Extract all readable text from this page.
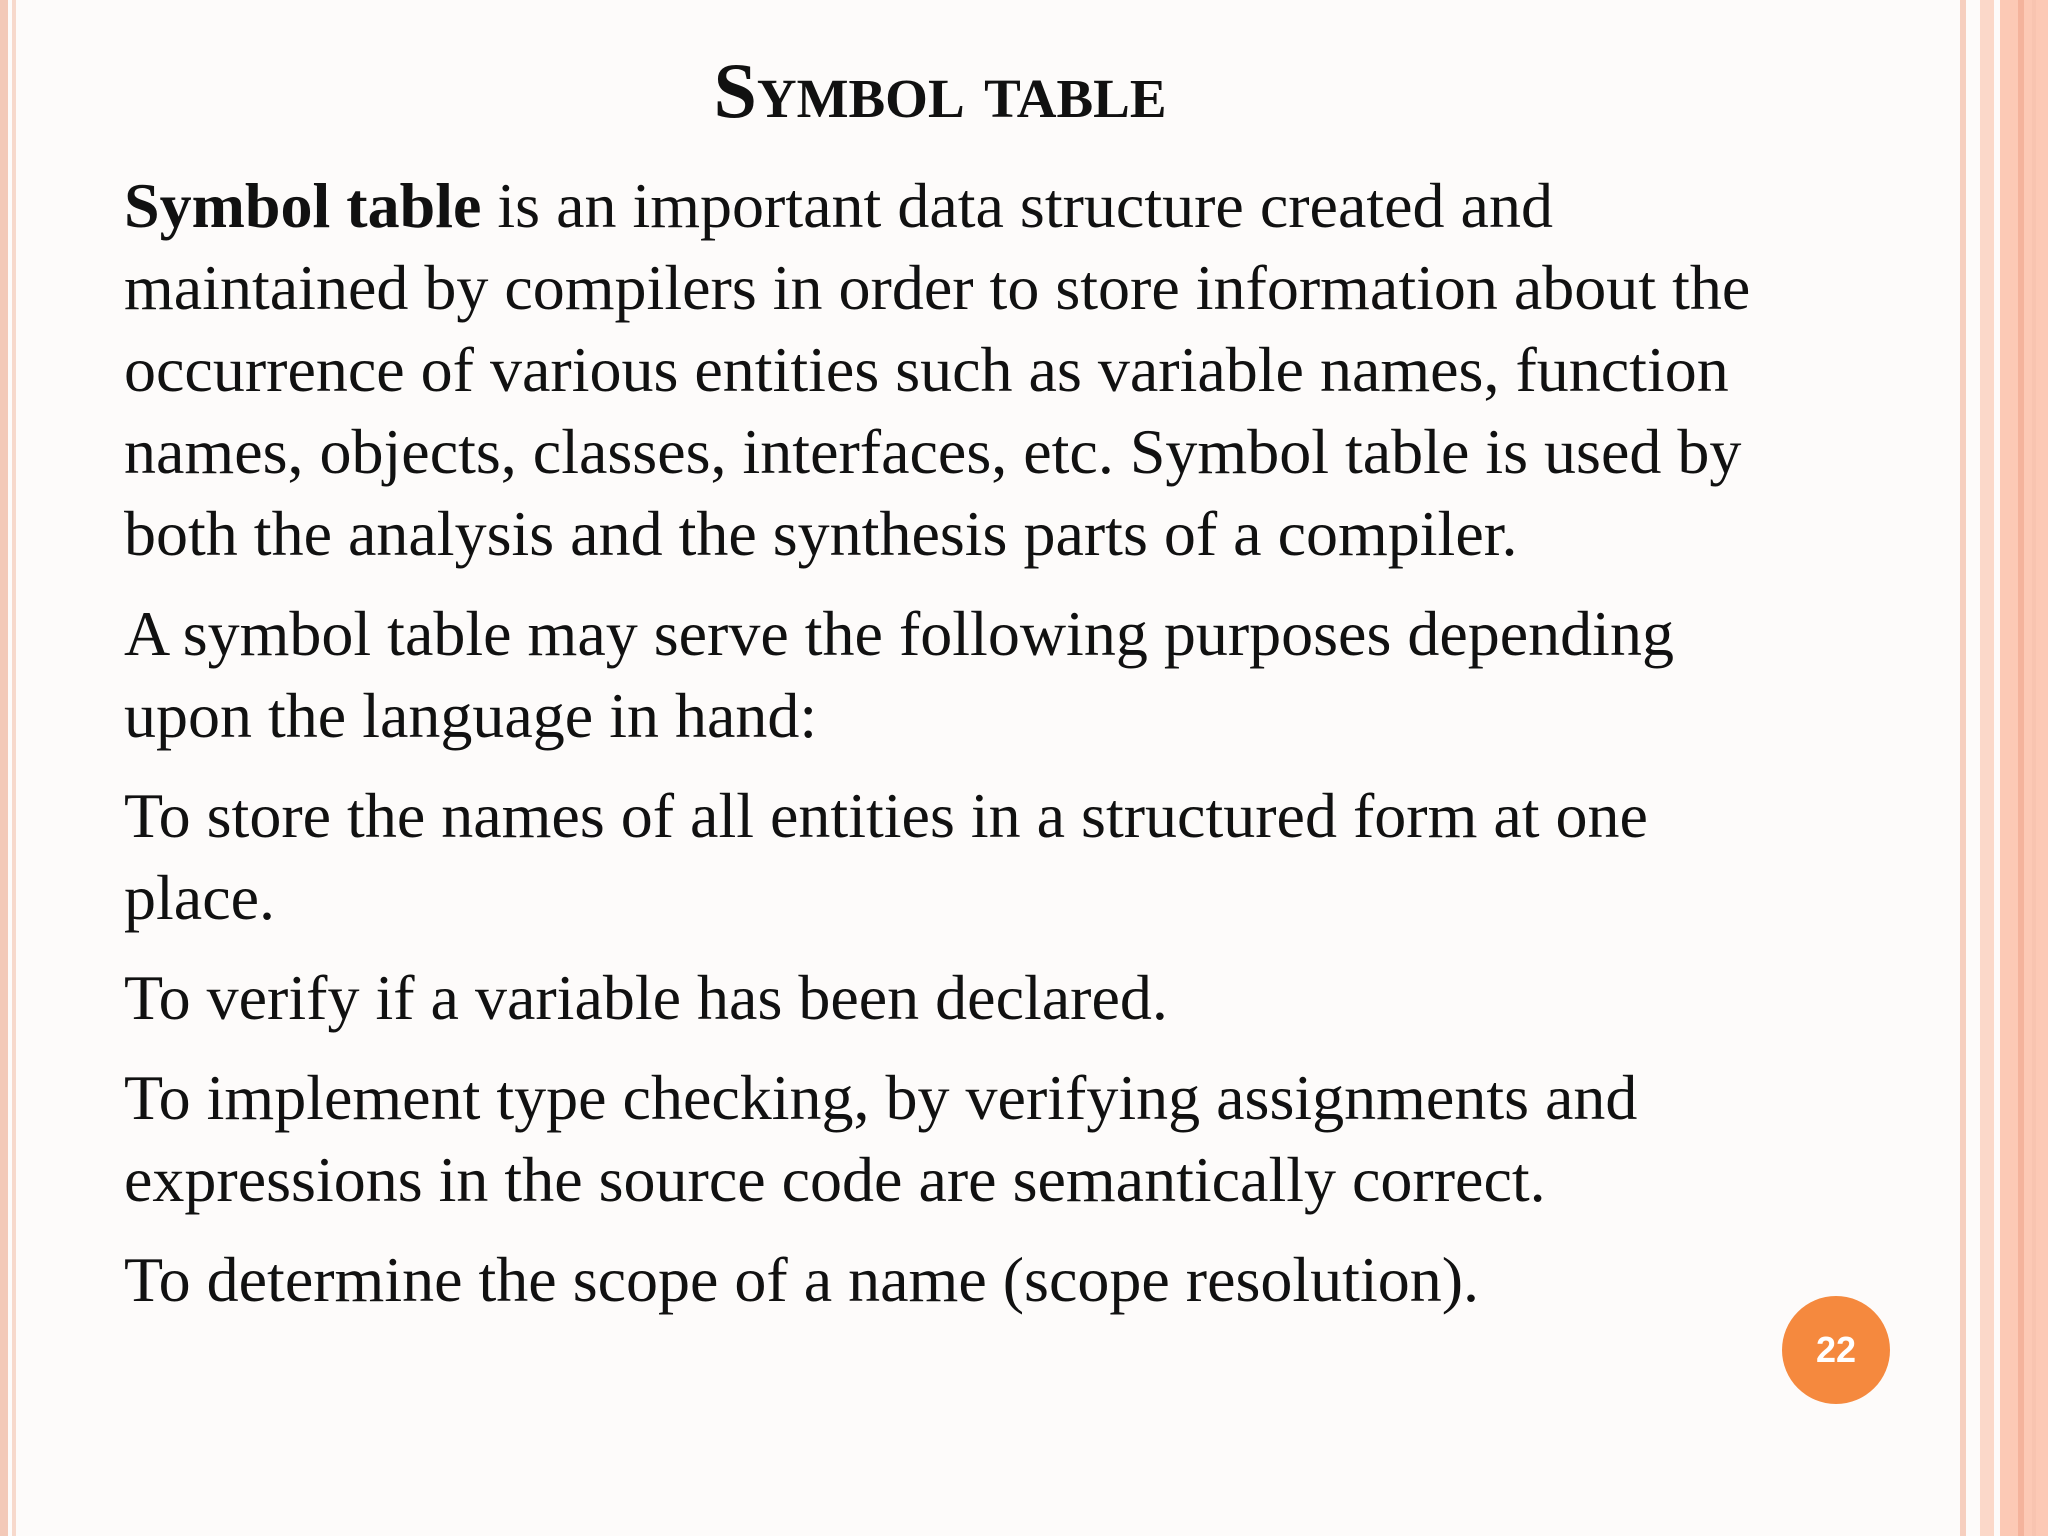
Symbol table

Symbol table is an important data structure created and maintained by compilers in order to store information about the occurrence of various entities such as variable names, function names, objects, classes, interfaces, etc. Symbol table is used by both the analysis and the synthesis parts of a compiler.

A symbol table may serve the following purposes depending upon the language in hand:

To store the names of all entities in a structured form at one place.

To verify if a variable has been declared.

To implement type checking, by verifying assignments and expressions in the source code are semantically correct.

To determine the scope of a name (scope resolution).

22
